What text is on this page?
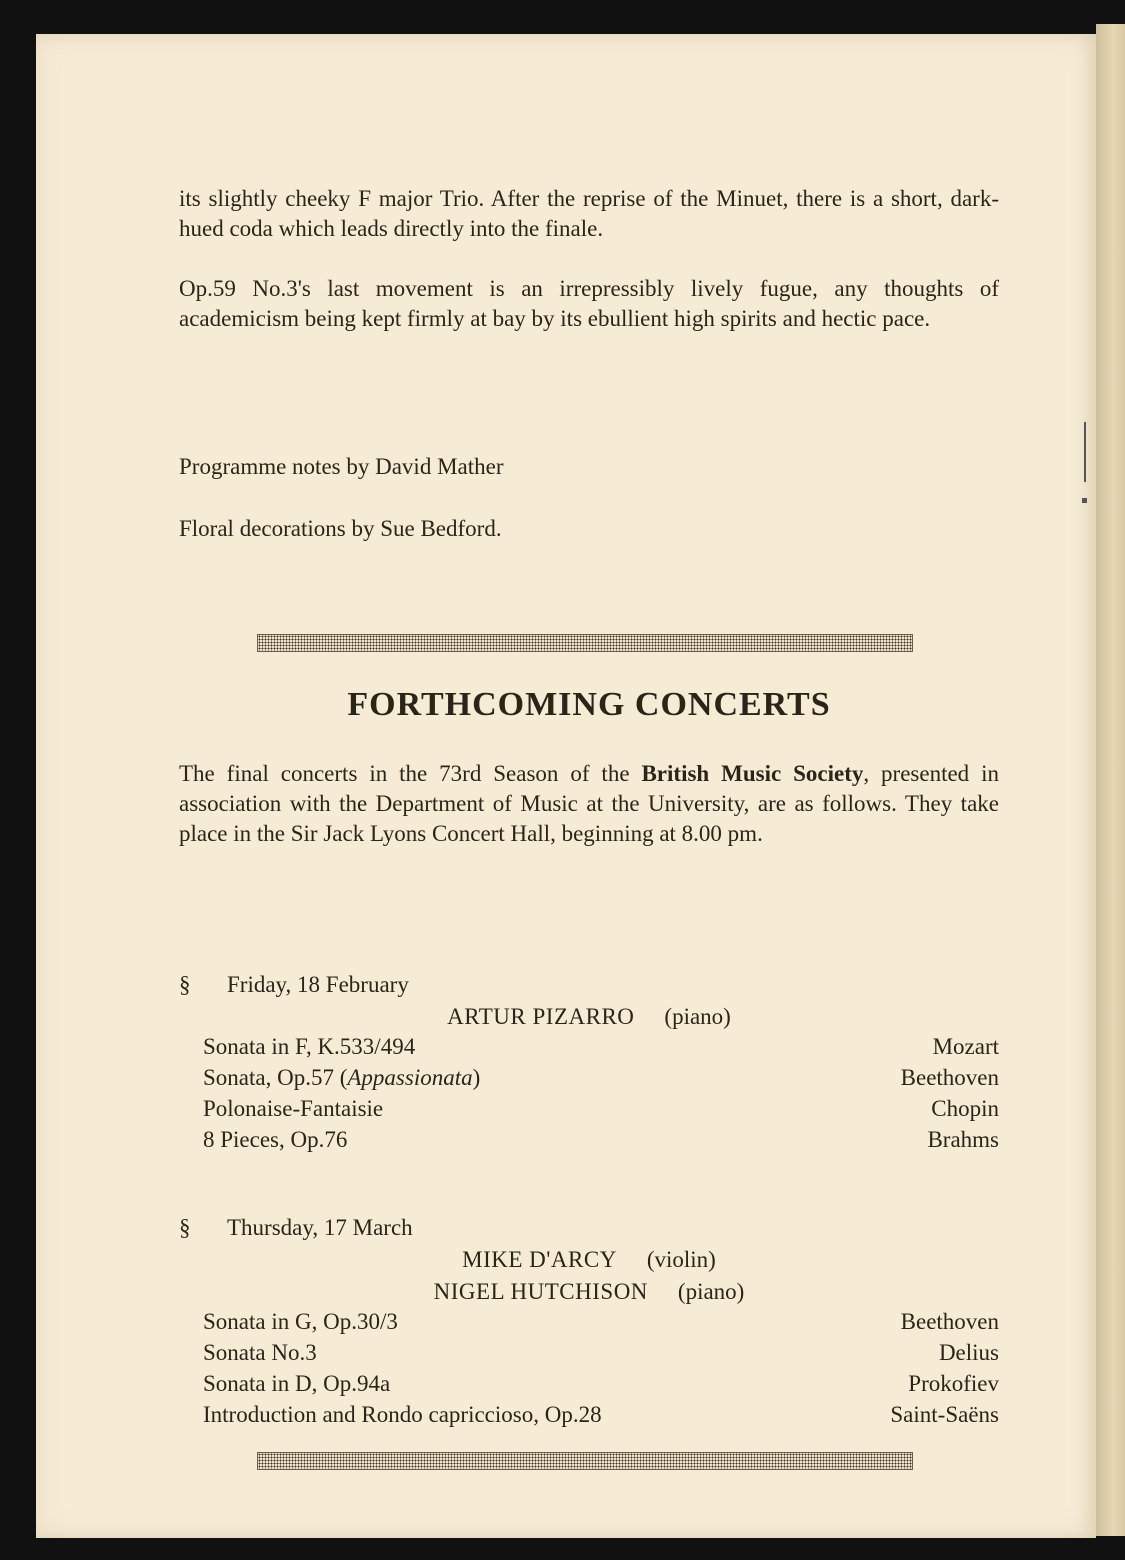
its slightly cheeky F major Trio. After the reprise of the Minuet, there is a short, dark-hued coda which leads directly into the finale.

Op.59 No.3's last movement is an irrepressibly lively fugue, any thoughts of academicism being kept firmly at bay by its ebullient high spirits and hectic pace.

Programme notes by David Mather

Floral decorations by Sue Bedford.

FORTHCOMING CONCERTS

The final concerts in the 73rd Season of the British Music Society, presented in association with the Department of Music at the University, are as follows. They take place in the Sir Jack Lyons Concert Hall, beginning at 8.00 pm.

§ Friday, 18 February
ARTUR PIZARRO (piano)
Sonata in F, K.533/494	Mozart
Sonata, Op.57 (Appassionata)	Beethoven
Polonaise-Fantaisie	Chopin
8 Pieces, Op.76	Brahms
§ Thursday, 17 March
MIKE D'ARCY (violin)
NIGEL HUTCHISON (piano)
Sonata in G, Op.30/3	Beethoven
Sonata No.3	Delius
Sonata in D, Op.94a	Prokofiev
Introduction and Rondo capriccioso, Op.28	Saint-Saëns
